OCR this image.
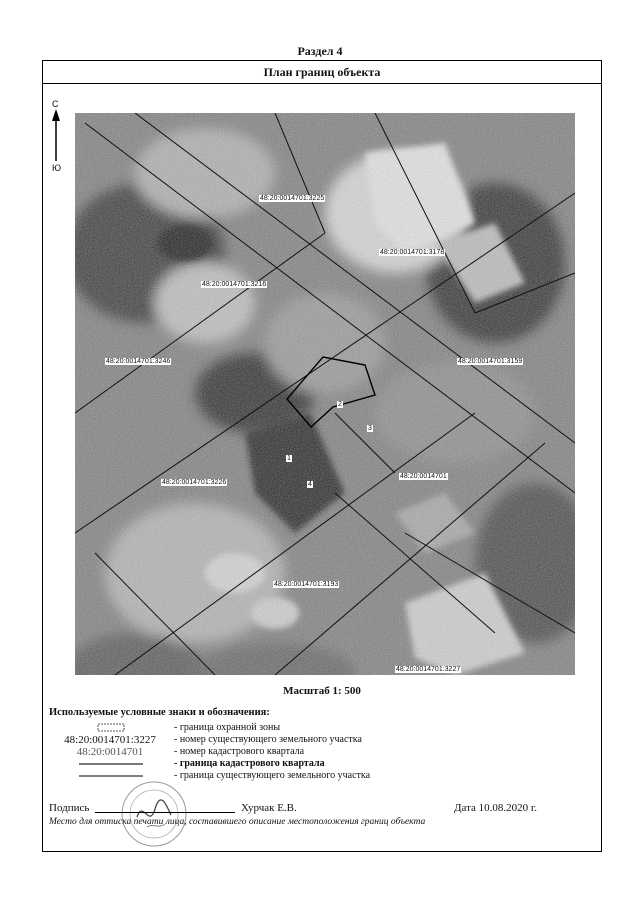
Раздел 4
План границ объекта
С
Ю
48:20:0014701:3225
48:20:0014701:3178
48:20:0014701:3216
48:20:0014701:3246	48:20:0014701:3159
48:20:0014701:3226
48:20:0014701
48:20:0014701:3193
48:20:0014701:3227
1
2
3
4
Масштаб 1: 500
Используемые условные знаки и обозначения:
- граница охранной зоны
48:20:0014701:3227	- номер существующего земельного участка
48:20:0014701	- номер кадастрового квартала
- граница кадастрового квартала
- граница существующего земельного участка
Подпись	Хурчак Е.В.	Дата 10.08.2020 г.
Место для оттиска печати лица, составившего описание местоположения границ объекта
